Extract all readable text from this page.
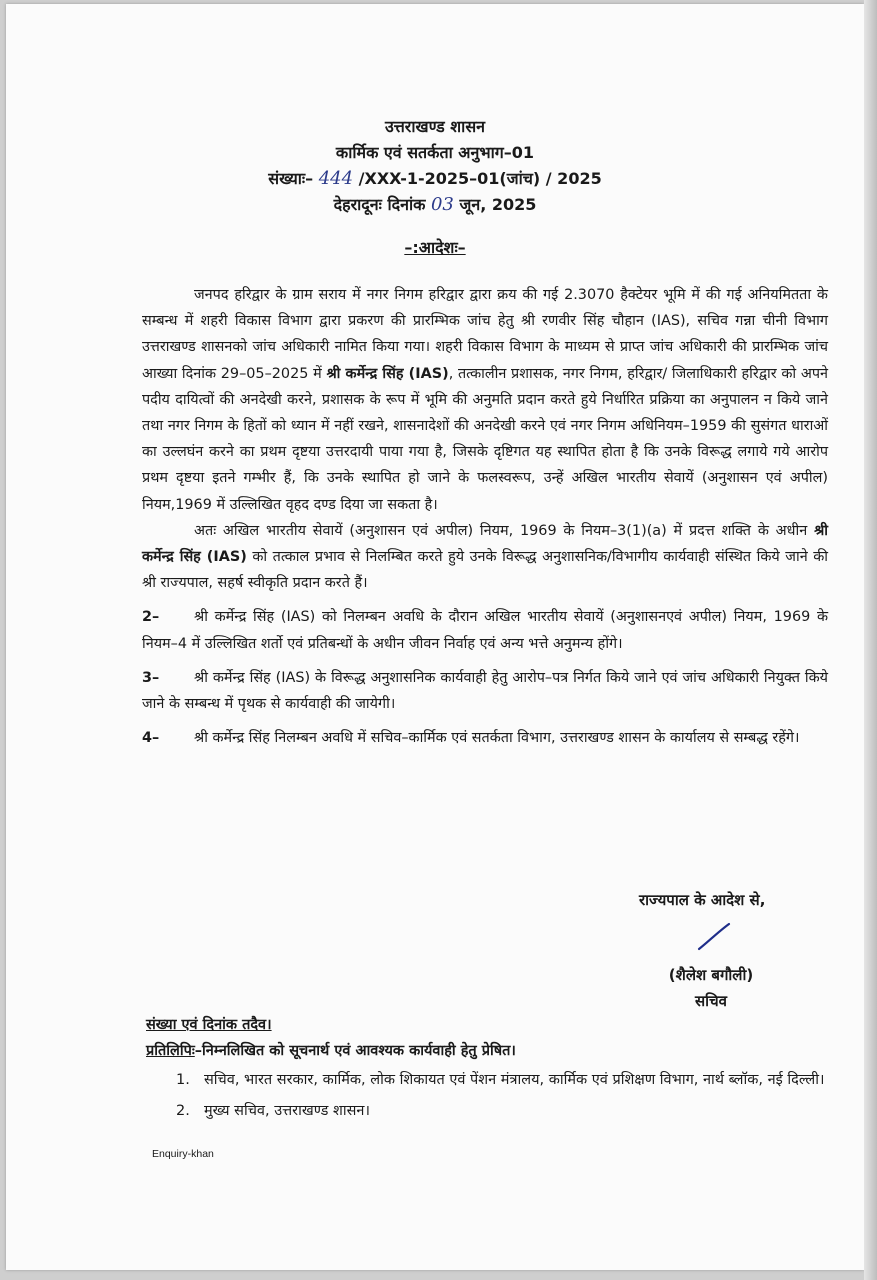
उत्तराखण्ड शासन
कार्मिक एवं सतर्कता अनुभाग–01
संख्याः– 444 /XXX-1-2025–01(जांच) / 2025
देहरादूनः दिनांक 03 जून, 2025
–:आदेशः–

जनपद हरिद्वार के ग्राम सराय में नगर निगम हरिद्वार द्वारा क्रय की गई 2.3070 हैक्टेयर भूमि में की गई अनियमितता के सम्बन्ध में शहरी विकास विभाग द्वारा प्रकरण की प्रारम्भिक जांच हेतु श्री रणवीर सिंह चौहान (IAS), सचिव गन्ना चीनी विभाग उत्तराखण्ड शासनको जांच अधिकारी नामित किया गया। शहरी विकास विभाग के माध्यम से प्राप्त जांच अधिकारी की प्रारम्भिक जांच आख्या दिनांक 29–05–2025 में श्री कर्मेन्द्र सिंह (IAS), तत्कालीन प्रशासक, नगर निगम, हरिद्वार/ जिलाधिकारी हरिद्वार को अपने पदीय दायित्वों की अनदेखी करने, प्रशासक के रूप में भूमि की अनुमति प्रदान करते हुये निर्धारित प्रक्रिया का अनुपालन न किये जाने तथा नगर निगम के हितों को ध्यान में नहीं रखने, शासनादेशों की अनदेखी करने एवं नगर निगम अधिनियम–1959 की सुसंगत धाराओं का उल्लघंन करने का प्रथम दृष्टया उत्तरदायी पाया गया है, जिसके दृष्टिगत यह स्थापित होता है कि उनके विरूद्ध लगाये गये आरोप प्रथम दृष्टया इतने गम्भीर हैं, कि उनके स्थापित हो जाने के फलस्वरूप, उन्हें अखिल भारतीय सेवायें (अनुशासन एवं अपील) नियम,1969 में उल्लिखित वृहद दण्ड दिया जा सकता है।

अतः अखिल भारतीय सेवायें (अनुशासन एवं अपील) नियम, 1969 के नियम–3(1)(a) में प्रदत्त शक्ति के अधीन श्री कर्मेन्द्र सिंह (IAS) को तत्काल प्रभाव से निलम्बित करते हुये उनके विरूद्ध अनुशासनिक/विभागीय कार्यवाही संस्थित किये जाने की श्री राज्यपाल, सहर्ष स्वीकृति प्रदान करते हैं।

2– श्री कर्मेन्द्र सिंह (IAS) को निलम्बन अवधि के दौरान अखिल भारतीय सेवायें (अनुशासनएवं अपील) नियम, 1969 के नियम–4 में उल्लिखित शर्तो एवं प्रतिबन्धों के अधीन जीवन निर्वाह एवं अन्य भत्ते अनुमन्य होंगे।

3– श्री कर्मेन्द्र सिंह (IAS) के विरूद्ध अनुशासनिक कार्यवाही हेतु आरोप–पत्र निर्गत किये जाने एवं जांच अधिकारी नियुक्त किये जाने के सम्बन्ध में पृथक से कार्यवाही की जायेगी।

4– श्री कर्मेन्द्र सिंह निलम्बन अवधि में सचिव–कार्मिक एवं सतर्कता विभाग, उत्तराखण्ड शासन के कार्यालय से सम्बद्ध रहेंगे।

राज्यपाल के आदेश से,
(शैलेश बगौली)
सचिव
संख्या एवं दिनांक तदैव।
प्रतिलिपिः–निम्नलिखित को सूचनार्थ एवं आवश्यक कार्यवाही हेतु प्रेषित।
1. सचिव, भारत सरकार, कार्मिक, लोक शिकायत एवं पेंशन मंत्रालय, कार्मिक एवं प्रशिक्षण विभाग, नार्थ ब्लॉक, नई दिल्ली।
2. मुख्य सचिव, उत्तराखण्ड शासन।
Enquiry-khan
